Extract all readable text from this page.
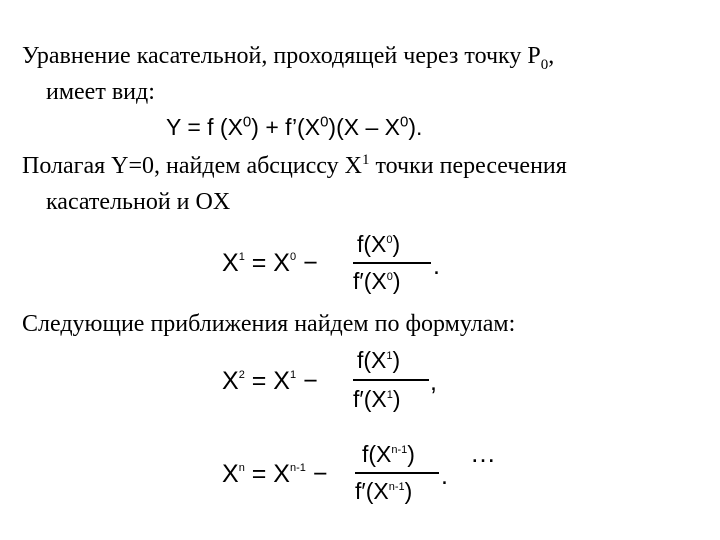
Уравнение касательной, проходящей через точку $P_0$,
имеет вид:
Y = f $(X^0)$ + $f’(X^0)(X - X^0)$.
Полагая Y=0, найдем абсциссу $X^1$ точки пересечения
касательной и OX
$X^1 = X^0$ −
$f(X^0)$
$f'(X^0)$
.
Следующие приближения найдем по формулам:
$X^2 = X^1$ −
$f(X^1)$
$f'(X^1)$
,
…
$X^n = X^{n-1}$ −
$f(X^{n-1})$
$f'(X^{n-1})$
.
